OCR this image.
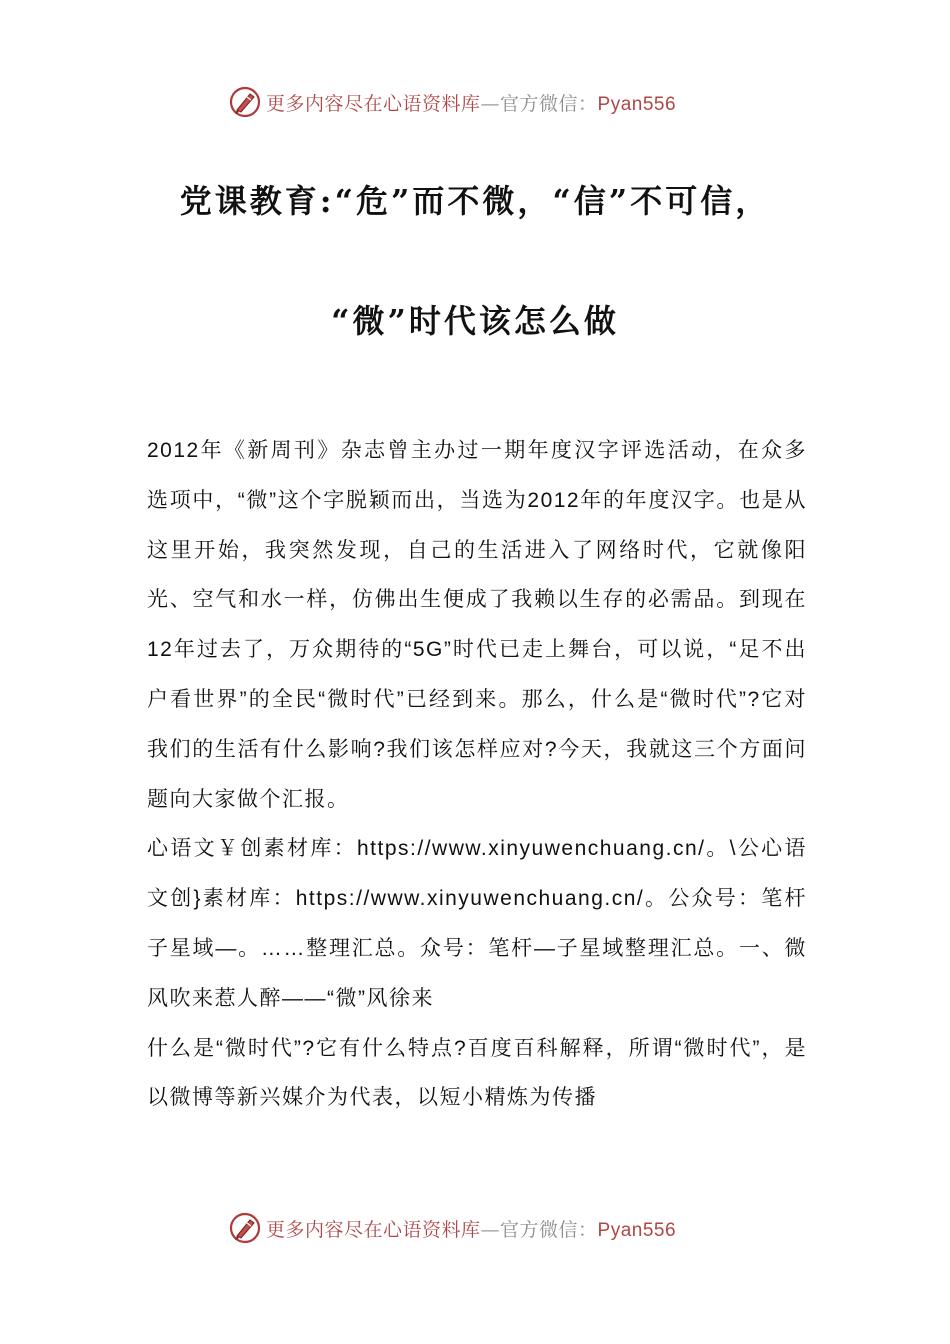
更多内容尽在心语资料库—官方微信：Pyan556
党课教育:“危”而不微，“信”不可信，
“微”时代该怎么做

2012年《新周刊》杂志曾主办过一期年度汉字评选活动，在众多选项中，“微”这个字脱颖而出，当选为2012年的年度汉字。也是从这里开始，我突然发现，自己的生活进入了网络时代，它就像阳光、空气和水一样，仿佛出生便成了我赖以生存的必需品。到现在12年过去了，万众期待的“5G”时代已走上舞台，可以说，“足不出户看世界”的全民“微时代”已经到来。那么，什么是“微时代”?它对我们的生活有什么影响?我们该怎样应对?今天，我就这三个方面问题向大家做个汇报。

心语文￥创素材库：https://www.xinyuwenchuang.cn/。\公心语文创}素材库：https://www.xinyuwenchuang.cn/。公众号：笔杆子星域—。……整理汇总。众号：笔杆—子星域整理汇总。一、微风吹来惹人醉——“微”风徐来

什么是“微时代”?它有什么特点?百度百科解释，所谓“微时代”，是以微博等新兴媒介为代表，以短小精炼为传播

更多内容尽在心语资料库—官方微信：Pyan556
